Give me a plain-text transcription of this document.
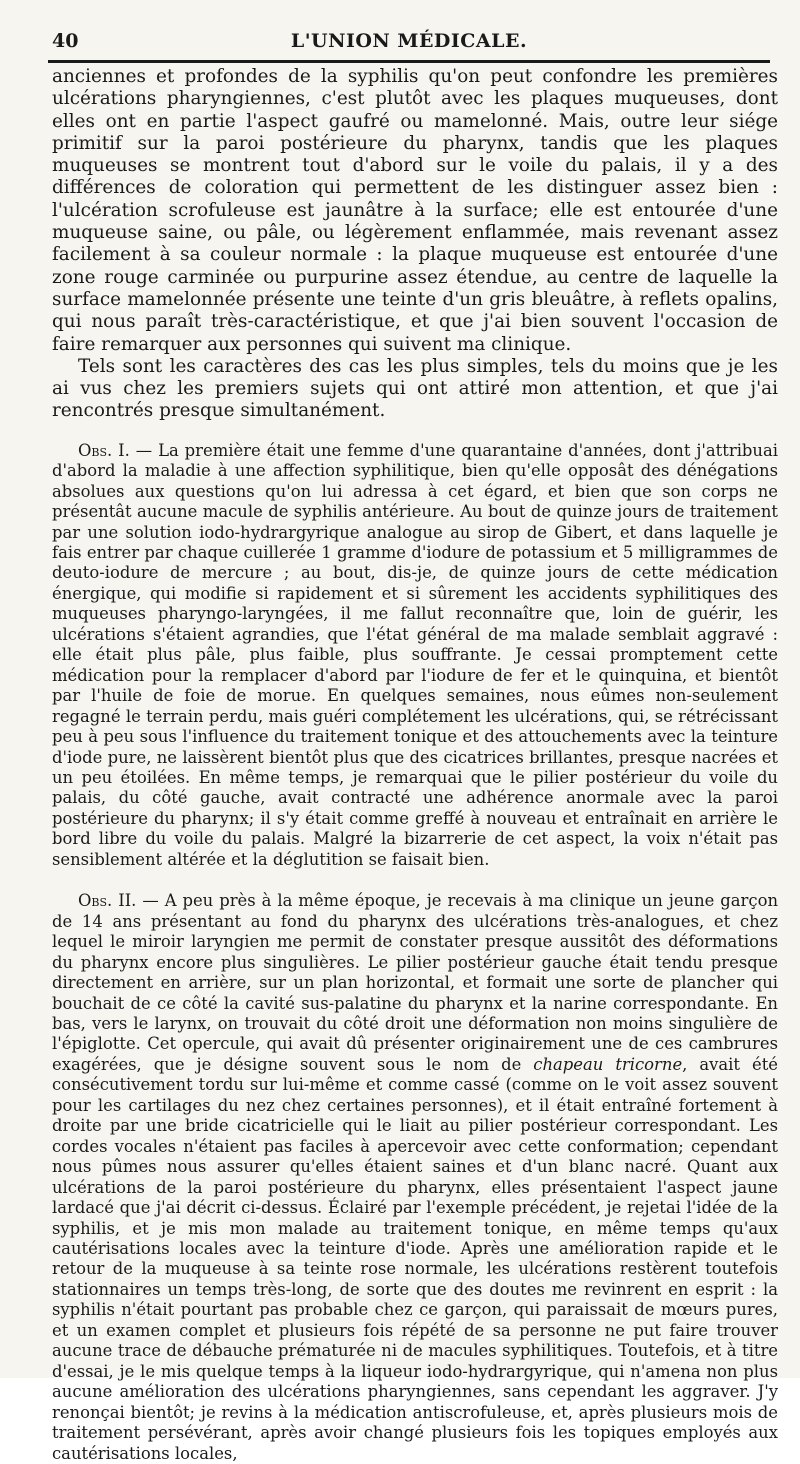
40	L'UNION MÉDICALE.

anciennes et profondes de la syphilis qu'on peut confondre les premières ulcérations pharyngiennes, c'est plutôt avec les plaques muqueuses, dont elles ont en partie l'aspect gaufré ou mamelonné. Mais, outre leur siége primitif sur la paroi postérieure du pharynx, tandis que les plaques muqueuses se montrent tout d'abord sur le voile du palais, il y a des différences de coloration qui permettent de les distinguer assez bien : l'ulcération scrofuleuse est jaunâtre à la surface; elle est entourée d'une muqueuse saine, ou pâle, ou légèrement enflammée, mais revenant assez facilement à sa couleur normale : la plaque muqueuse est entourée d'une zone rouge carminée ou purpurine assez étendue, au centre de laquelle la surface mamelonnée présente une teinte d'un gris bleuâtre, à reflets opalins, qui nous paraît très-caractéristique, et que j'ai bien souvent l'occasion de faire remarquer aux personnes qui suivent ma clinique.

Tels sont les caractères des cas les plus simples, tels du moins que je les ai vus chez les premiers sujets qui ont attiré mon attention, et que j'ai rencontrés presque simultanément.

Obs. I. — La première était une femme d'une quarantaine d'années, dont j'attribuai d'abord la maladie à une affection syphilitique, bien qu'elle opposât des dénégations absolues aux questions qu'on lui adressa à cet égard, et bien que son corps ne présentât aucune macule de syphilis antérieure. Au bout de quinze jours de traitement par une solution iodo-hydrargyrique analogue au sirop de Gibert, et dans laquelle je fais entrer par chaque cuillerée 1 gramme d'iodure de potassium et 5 milligrammes de deuto-iodure de mercure ; au bout, dis-je, de quinze jours de cette médication énergique, qui modifie si rapidement et si sûrement les accidents syphilitiques des muqueuses pharyngo-laryngées, il me fallut reconnaître que, loin de guérir, les ulcérations s'étaient agrandies, que l'état général de ma malade semblait aggravé : elle était plus pâle, plus faible, plus souffrante. Je cessai promptement cette médication pour la remplacer d'abord par l'iodure de fer et le quinquina, et bientôt par l'huile de foie de morue. En quelques semaines, nous eûmes non-seulement regagné le terrain perdu, mais guéri complétement les ulcérations, qui, se rétrécissant peu à peu sous l'influence du traitement tonique et des attouchements avec la teinture d'iode pure, ne laissèrent bientôt plus que des cicatrices brillantes, presque nacrées et un peu étoilées. En même temps, je remarquai que le pilier postérieur du voile du palais, du côté gauche, avait contracté une adhérence anormale avec la paroi postérieure du pharynx; il s'y était comme greffé à nouveau et entraînait en arrière le bord libre du voile du palais. Malgré la bizarrerie de cet aspect, la voix n'était pas sensiblement altérée et la déglutition se faisait bien.

Obs. II. — A peu près à la même époque, je recevais à ma clinique un jeune garçon de 14 ans présentant au fond du pharynx des ulcérations très-analogues, et chez lequel le miroir laryngien me permit de constater presque aussitôt des déformations du pharynx encore plus singulières. Le pilier postérieur gauche était tendu presque directement en arrière, sur un plan horizontal, et formait une sorte de plancher qui bouchait de ce côté la cavité sus-palatine du pharynx et la narine correspondante. En bas, vers le larynx, on trouvait du côté droit une déformation non moins singulière de l'épiglotte. Cet opercule, qui avait dû présenter originairement une de ces cambrures exagérées, que je désigne souvent sous le nom de chapeau tricorne, avait été consécutivement tordu sur lui-même et comme cassé (comme on le voit assez souvent pour les cartilages du nez chez certaines personnes), et il était entraîné fortement à droite par une bride cicatricielle qui le liait au pilier postérieur correspondant. Les cordes vocales n'étaient pas faciles à apercevoir avec cette conformation; cependant nous pûmes nous assurer qu'elles étaient saines et d'un blanc nacré. Quant aux ulcérations de la paroi postérieure du pharynx, elles présentaient l'aspect jaune lardacé que j'ai décrit ci-dessus. Éclairé par l'exemple précédent, je rejetai l'idée de la syphilis, et je mis mon malade au traitement tonique, en même temps qu'aux cautérisations locales avec la teinture d'iode. Après une amélioration rapide et le retour de la muqueuse à sa teinte rose normale, les ulcérations restèrent toutefois stationnaires un temps très-long, de sorte que des doutes me revinrent en esprit : la syphilis n'était pourtant pas probable chez ce garçon, qui paraissait de mœurs pures, et un examen complet et plusieurs fois répété de sa personne ne put faire trouver aucune trace de débauche prématurée ni de macules syphilitiques. Toutefois, et à titre d'essai, je le mis quelque temps à la liqueur iodo-hydrargyrique, qui n'amena non plus aucune amélioration des ulcérations pharyngiennes, sans cependant les aggraver. J'y renonçai bientôt; je revins à la médication antiscrofuleuse, et, après plusieurs mois de traitement persévérant, après avoir changé plusieurs fois les topiques employés aux cautérisations locales,
